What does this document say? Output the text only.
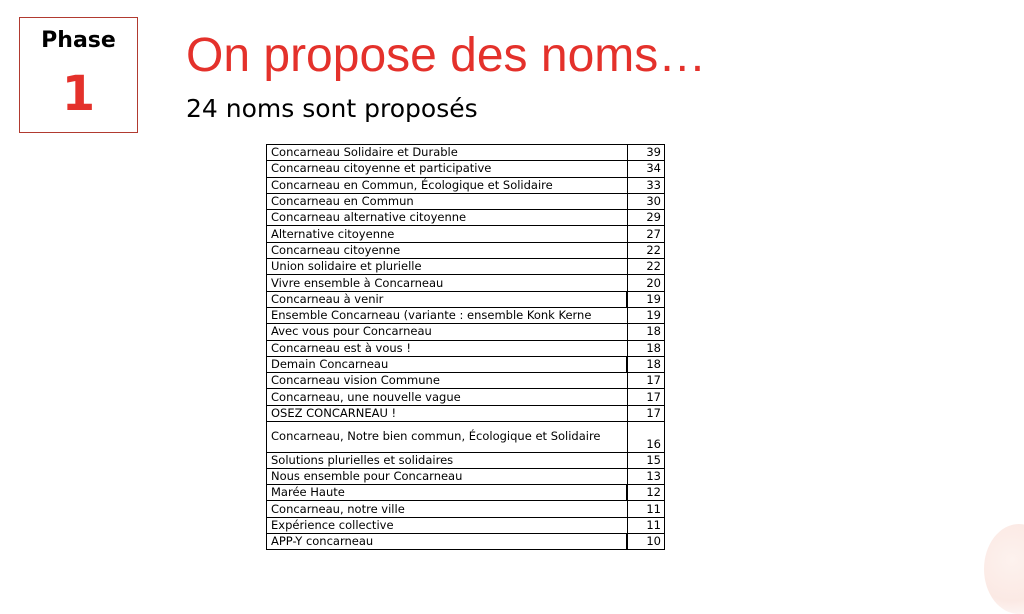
Phase
1
On propose des noms…
24 noms sont proposés
Concarneau Solidaire et Durable	39
Concarneau citoyenne et participative	34
Concarneau en Commun, Écologique et Solidaire	33
Concarneau en Commun	30
Concarneau alternative citoyenne	29
Alternative citoyenne	27
Concarneau citoyenne	22
Union solidaire et plurielle	22
Vivre ensemble à Concarneau	20
Concarneau à venir	19
Ensemble Concarneau (variante : ensemble Konk Kerne	19
Avec vous pour Concarneau	18
Concarneau est à vous !	18
Demain Concarneau	18
Concarneau vision Commune	17
Concarneau, une nouvelle vague	17
OSEZ CONCARNEAU !	17
Concarneau, Notre bien commun, Écologique et Solidaire	16
Solutions plurielles et solidaires	15
Nous ensemble pour Concarneau	13
Marée Haute	12
Concarneau, notre ville	11
Expérience collective	11
APP-Y concarneau	10
